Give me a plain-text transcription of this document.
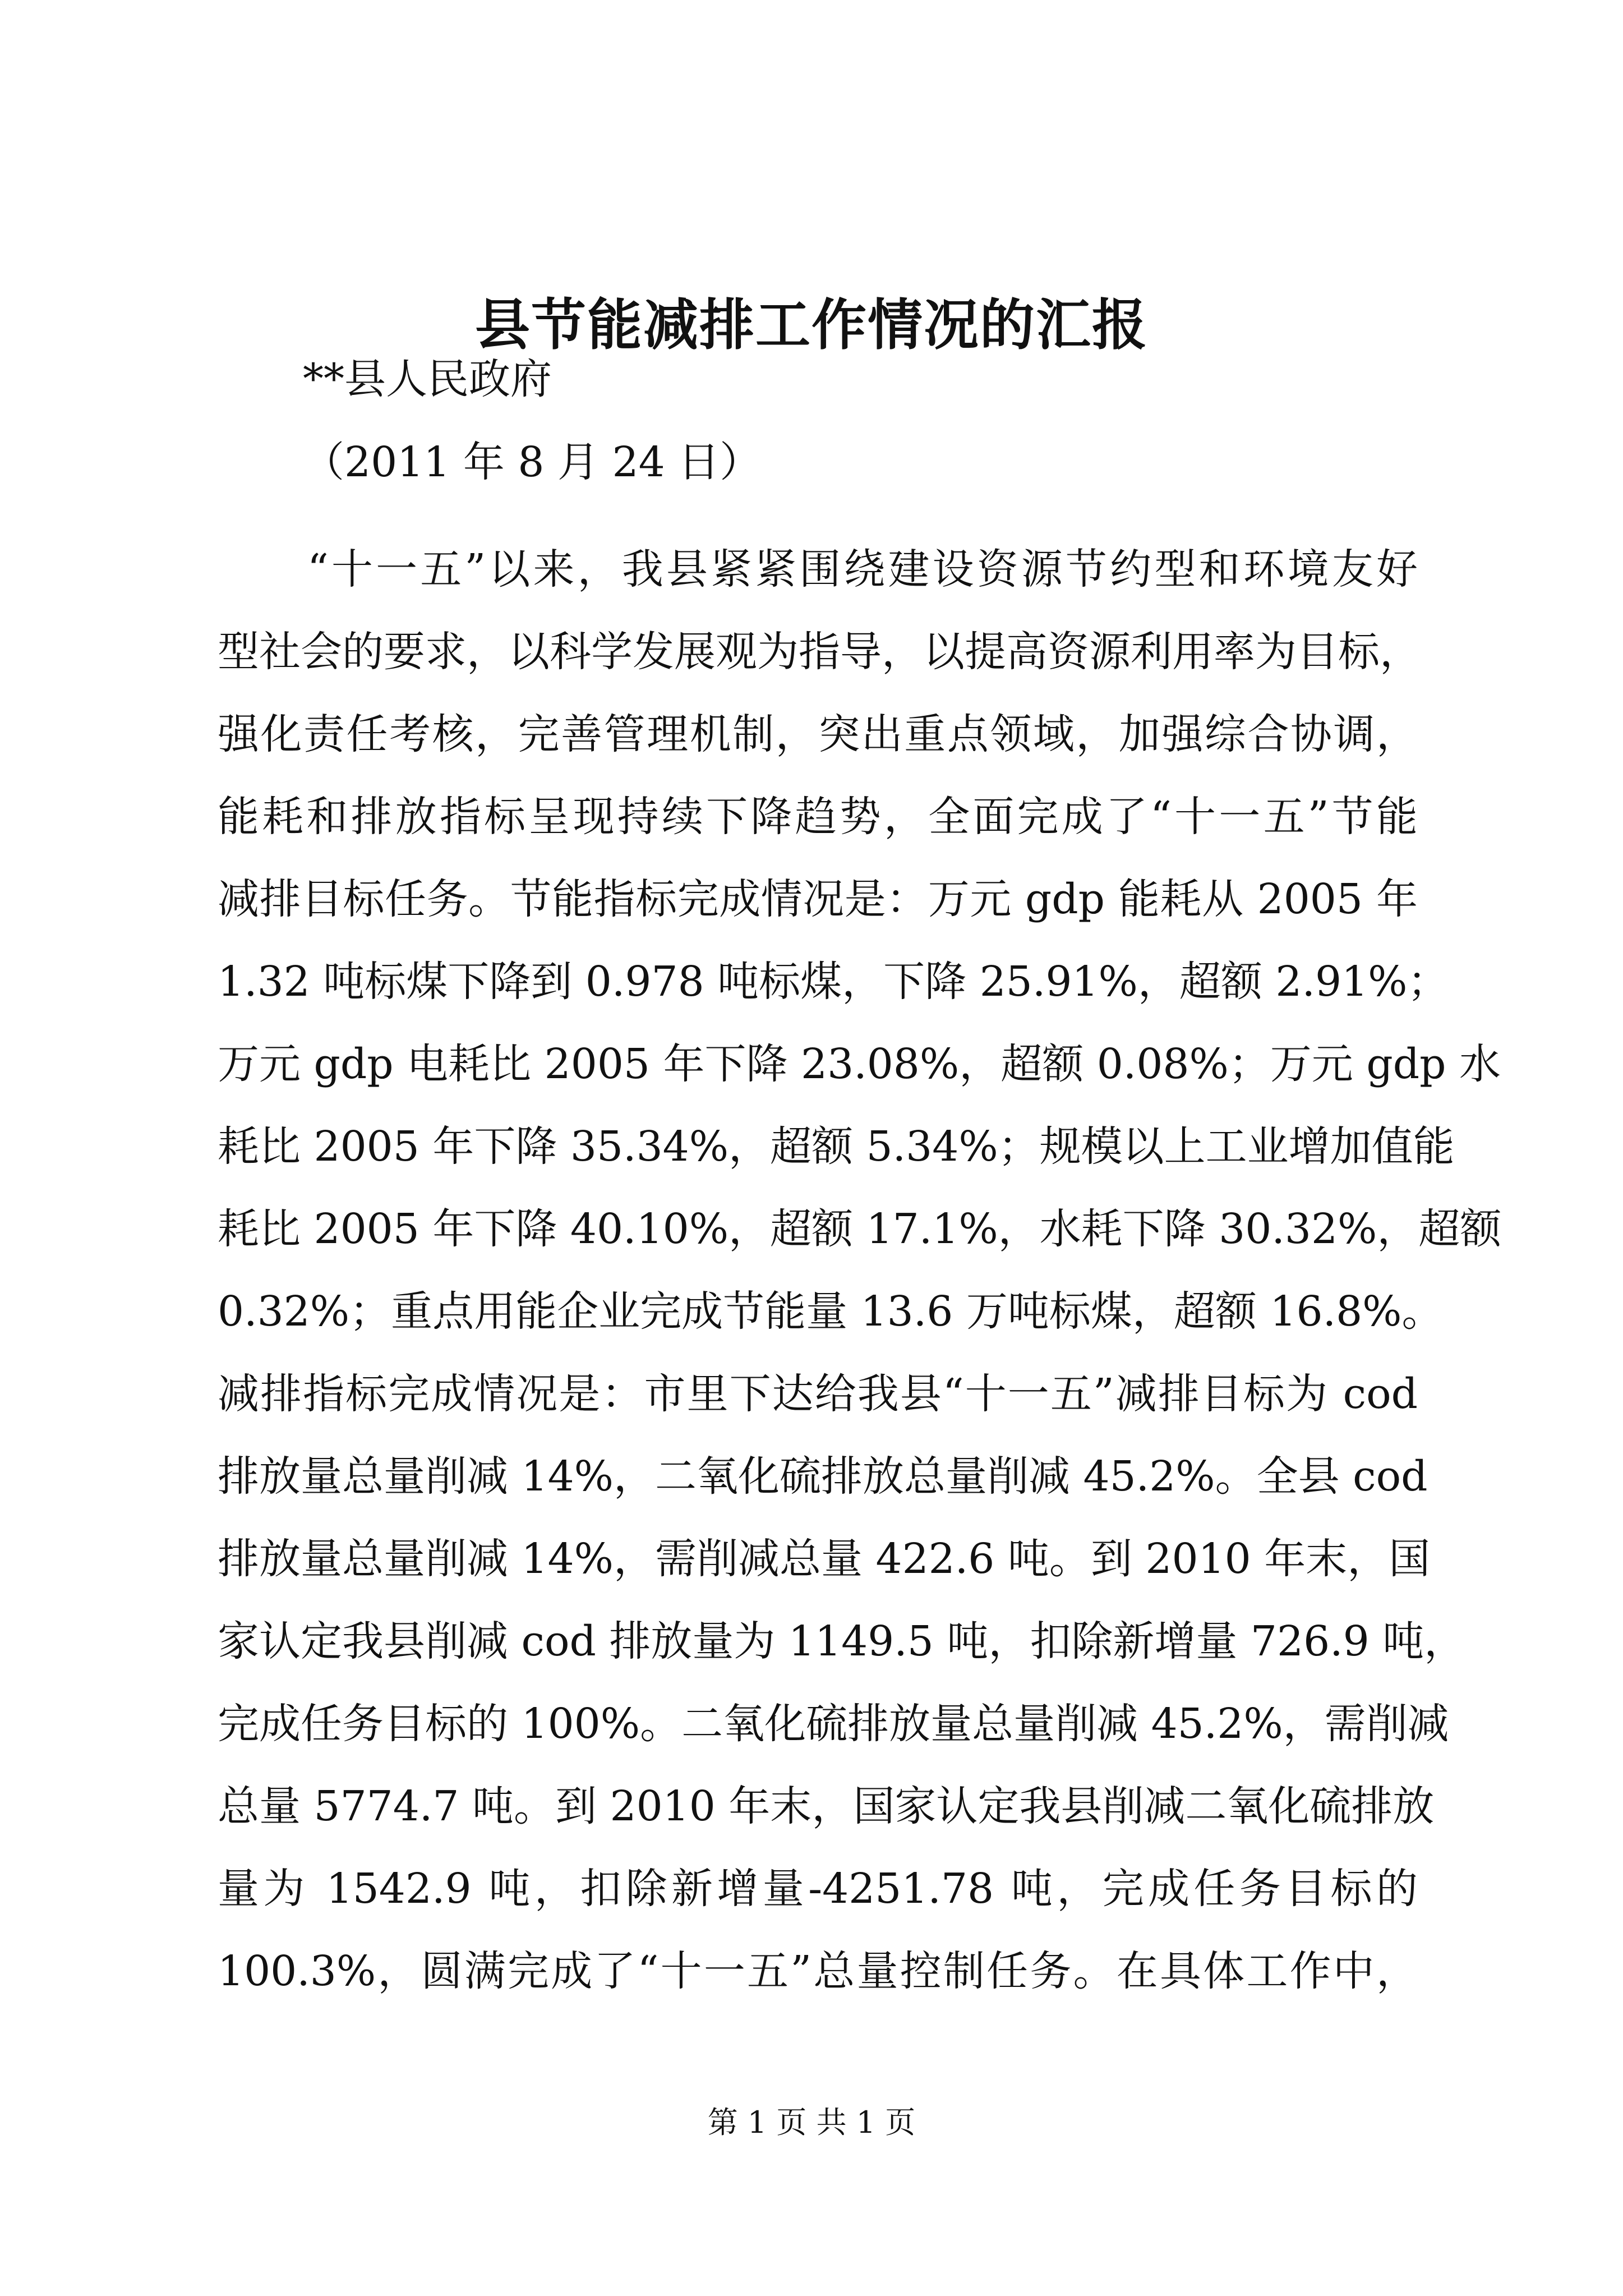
县节能减排工作情况的汇报
**县人民政府
（2011 年 8 月 24 日）
“十一五”以来，我县紧紧围绕建设资源节约型和环境友好
型社会的要求，以科学发展观为指导，以提高资源利用率为目标，
强化责任考核，完善管理机制，突出重点领域，加强综合协调，
能耗和排放指标呈现持续下降趋势，全面完成了“十一五”节能
减排目标任务。节能指标完成情况是：万元 gdp 能耗从 2005 年
1.32 吨标煤下降到 0.978 吨标煤，下降 25.91%，超额 2.91%；
万元 gdp 电耗比 2005 年下降 23.08%，超额 0.08%；万元 gdp 水
耗比 2005 年下降 35.34%，超额 5.34%；规模以上工业增加值能
耗比 2005 年下降 40.10%，超额 17.1%，水耗下降 30.32%，超额
0.32%；重点用能企业完成节能量 13.6 万吨标煤，超额 16.8%。
减排指标完成情况是：市里下达给我县“十一五”减排目标为 cod
排放量总量削减 14%，二氧化硫排放总量削减 45.2%。全县 cod
排放量总量削减 14%，需削减总量 422.6 吨。到 2010 年末，国
家认定我县削减 cod 排放量为 1149.5 吨，扣除新增量 726.9 吨，
完成任务目标的 100%。二氧化硫排放量总量削减 45.2%，需削减
总量 5774.7 吨。到 2010 年末，国家认定我县削减二氧化硫排放
量为 1542.9 吨，扣除新增量-4251.78 吨，完成任务目标的
100.3%，圆满完成了“十一五”总量控制任务。在具体工作中，
第 1 页 共 1 页
